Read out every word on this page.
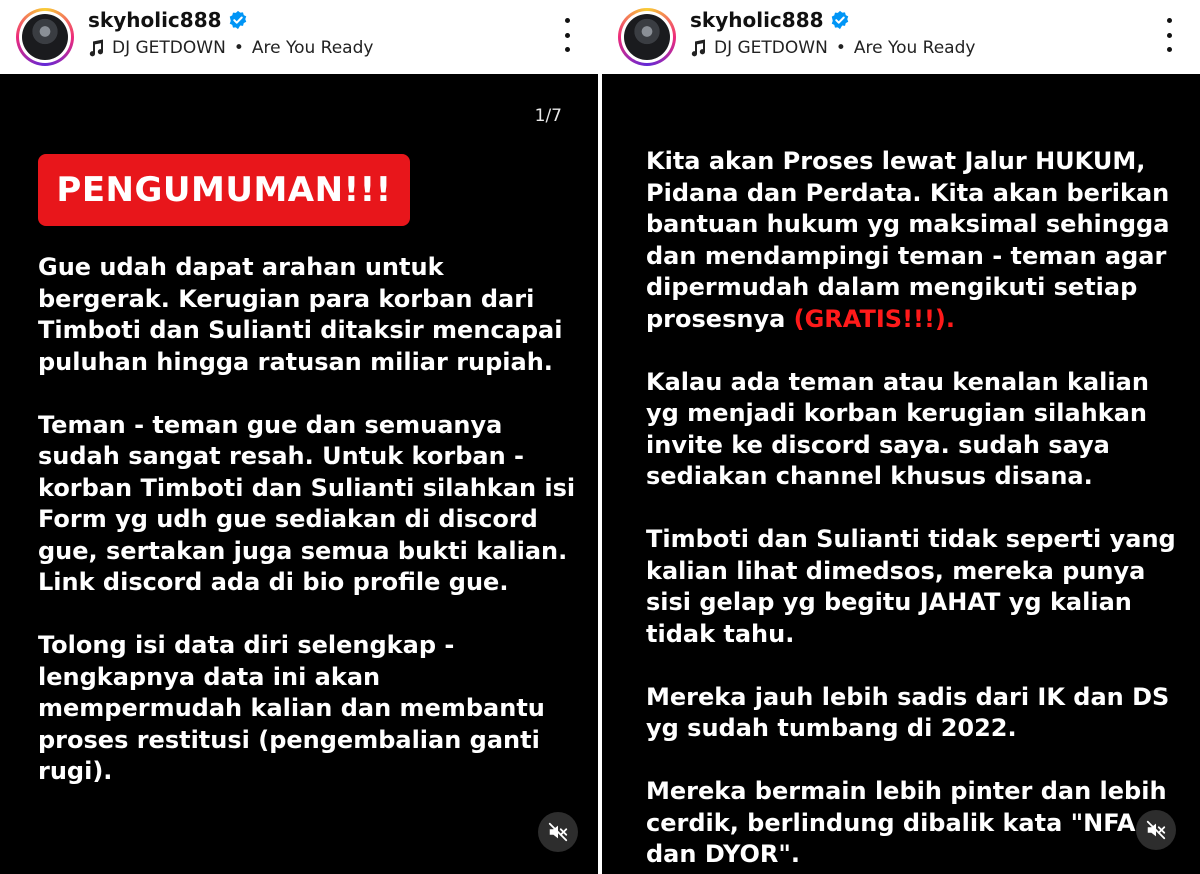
skyholic888
DJ GETDOWN • Are You Ready
1/7
PENGUMUMAN!!!

Gue udah dapat arahan untuk bergerak. Kerugian para korban dari Timboti dan Sulianti ditaksir mencapai puluhan hingga ratusan miliar rupiah.

Teman - teman gue dan semuanya sudah sangat resah. Untuk korban - korban Timboti dan Sulianti silahkan isi Form yg udh gue sediakan di discord gue, sertakan juga semua bukti kalian. Link discord ada di bio profile gue.

Tolong isi data diri selengkap - lengkapnya data ini akan mempermudah kalian dan membantu proses restitusi (pengembalian ganti rugi).

skyholic888
DJ GETDOWN • Are You Ready

Kita akan Proses lewat Jalur HUKUM, Pidana dan Perdata. Kita akan berikan bantuan hukum yg maksimal sehingga dan mendampingi teman - teman agar dipermudah dalam mengikuti setiap prosesnya (GRATIS!!!).

Kalau ada teman atau kenalan kalian yg menjadi korban kerugian silahkan invite ke discord saya. sudah saya sediakan channel khusus disana.

Timboti dan Sulianti tidak seperti yang kalian lihat dimedsos, mereka punya sisi gelap yg begitu JAHAT yg kalian tidak tahu.

Mereka jauh lebih sadis dari IK dan DS yg sudah tumbang di 2022.

Mereka bermain lebih pinter dan lebih cerdik, berlindung dibalik kata "NFA dan DYOR".
